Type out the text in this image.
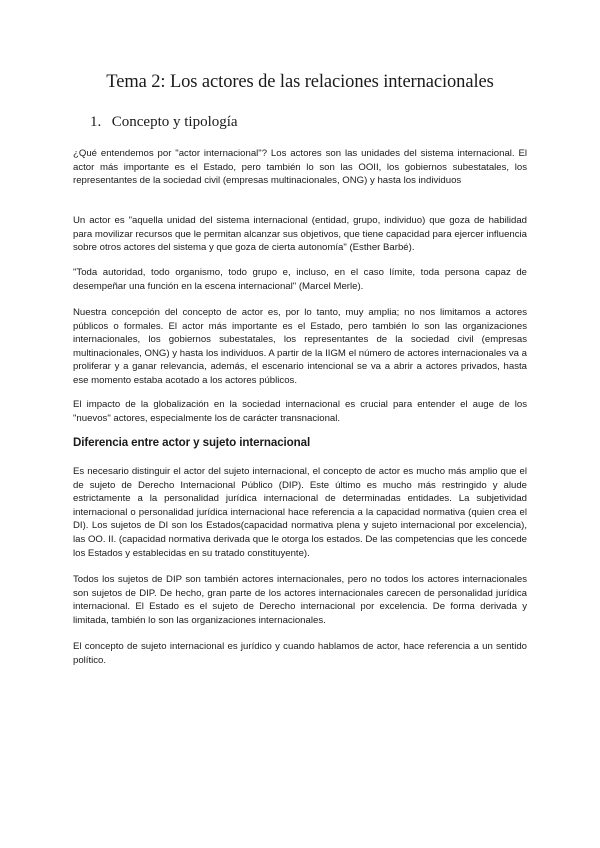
Tema 2: Los actores de las relaciones internacionales
1. Concepto y tipología

¿Qué entendemos por "actor internacional"? Los actores son las unidades del sistema internacional. El actor más importante es el Estado, pero también lo son las OOII, los gobiernos subestatales, los representantes de la sociedad civil (empresas multinacionales, ONG) y hasta los individuos

Un actor es "aquella unidad del sistema internacional (entidad, grupo, individuo) que goza de habilidad para movilizar recursos que le permitan alcanzar sus objetivos, que tiene capacidad para ejercer influencia sobre otros actores del sistema y que goza de cierta autonomía" (Esther Barbé).

"Toda autoridad, todo organismo, todo grupo e, incluso, en el caso límite, toda persona capaz de desempeñar una función en la escena internacional" (Marcel Merle).

Nuestra concepción del concepto de actor es, por lo tanto, muy amplia; no nos limitamos a actores públicos o formales. El actor más importante es el Estado, pero también lo son las organizaciones internacionales, los gobiernos subestatales, los representantes de la sociedad civil (empresas multinacionales, ONG) y hasta los individuos. A partir de la IIGM el número de actores internacionales va a proliferar y a ganar relevancia, además, el escenario intencional se va a abrir a actores privados, hasta ese momento estaba acotado a los actores públicos.

El impacto de la globalización en la sociedad internacional es crucial para entender el auge de los "nuevos" actores, especialmente los de carácter transnacional.

Diferencia entre actor y sujeto internacional

Es necesario distinguir el actor del sujeto internacional, el concepto de actor es mucho más amplio que el de sujeto de Derecho Internacional Público (DIP). Este último es mucho más restringido y alude estrictamente a la personalidad jurídica internacional de determinadas entidades. La subjetividad internacional o personalidad jurídica internacional hace referencia a la capacidad normativa (quien crea el DI). Los sujetos de DI son los Estados(capacidad normativa plena y sujeto internacional por excelencia), las OO. II. (capacidad normativa derivada que le otorga los estados. De las competencias que les concede los Estados y establecidas en su tratado constituyente).

Todos los sujetos de DIP son también actores internacionales, pero no todos los actores internacionales son sujetos de DIP. De hecho, gran parte de los actores internacionales carecen de personalidad jurídica internacional. El Estado es el sujeto de Derecho internacional por excelencia. De forma derivada y limitada, también lo son las organizaciones internacionales.

El concepto de sujeto internacional es jurídico y cuando hablamos de actor, hace referencia a un sentido político.
